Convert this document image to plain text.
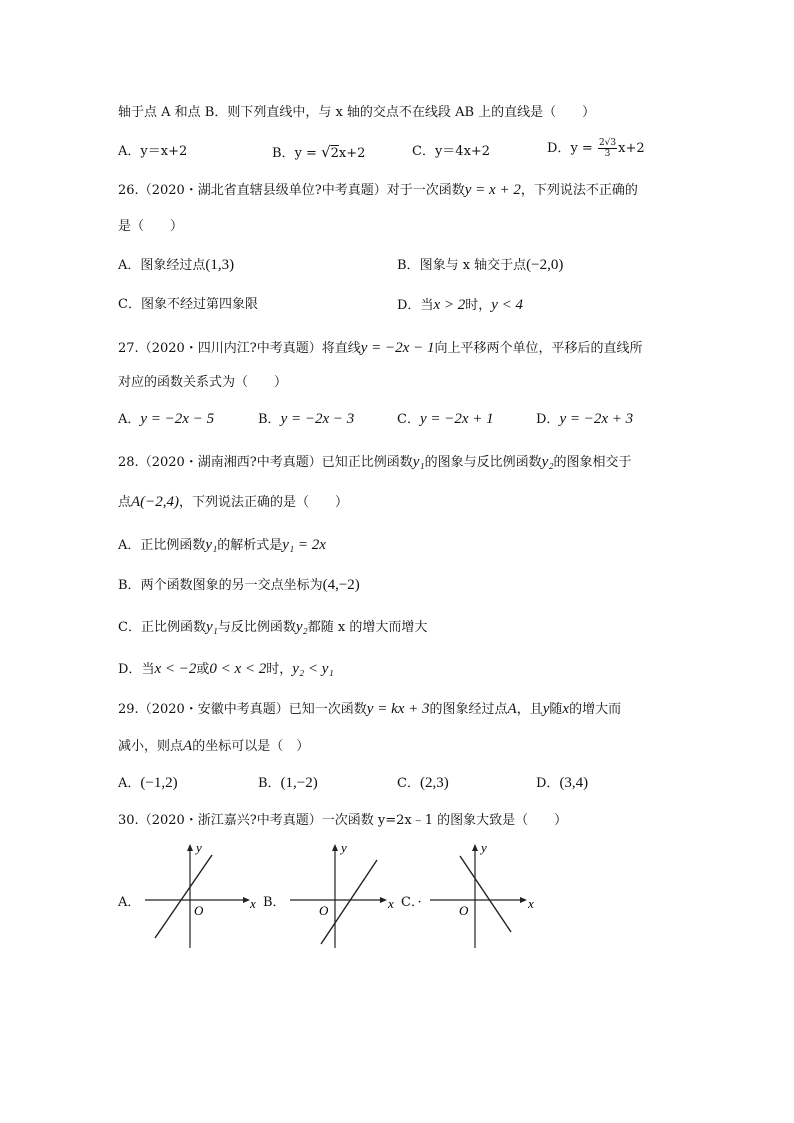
轴于点 A 和点 B．则下列直线中，与 x 轴的交点不在线段 AB 上的直线是（　　）
A．y＝x+2	B．y = √2x+2	C．y＝4x+2	D．$y = \frac{2√3}{3} x+2$
26.（2020・湖北省直辖县级单位?中考真题）对于一次函数y = x + 2，下列说法不正确的
是（　　）
A．图象经过点(1,3)	B．图象与 x 轴交于点(−2,0)
C．图象不经过第四象限	D．当x > 2时，y < 4
27.（2020・四川内江?中考真题）将直线y = −2x − 1向上平移两个单位，平移后的直线所
对应的函数关系式为（　　）
A．y = −2x − 5	B．y = −2x − 3	C．y = −2x + 1	D．y = −2x + 3
28.（2020・湖南湘西?中考真题）已知正比例函数y₁的图象与反比例函数y₂的图象相交于
点A(−2,4)，下列说法正确的是（　　）
A．正比例函数y₁的解析式是y₁ = 2x
B．两个函数图象的另一交点坐标为(4,−2)
C．正比例函数y₁与反比例函数y₂都随 x 的增大而增大
D．当x < −2或0 < x < 2时，y₂ < y₁
29.（2020・安徽中考真题）已知一次函数y = kx + 3的图象经过点A，且y随x的增大而
减小，则点A的坐标可以是（　）
A．(−1,2)	B．(1,−2)	C．(2,3)	D．(3,4)
30.（2020・浙江嘉兴?中考真题）一次函数 y=2x﹣1 的图象大致是（　　）
A．	x
y
O
B．	x
y
O
C．·	x
y
O
